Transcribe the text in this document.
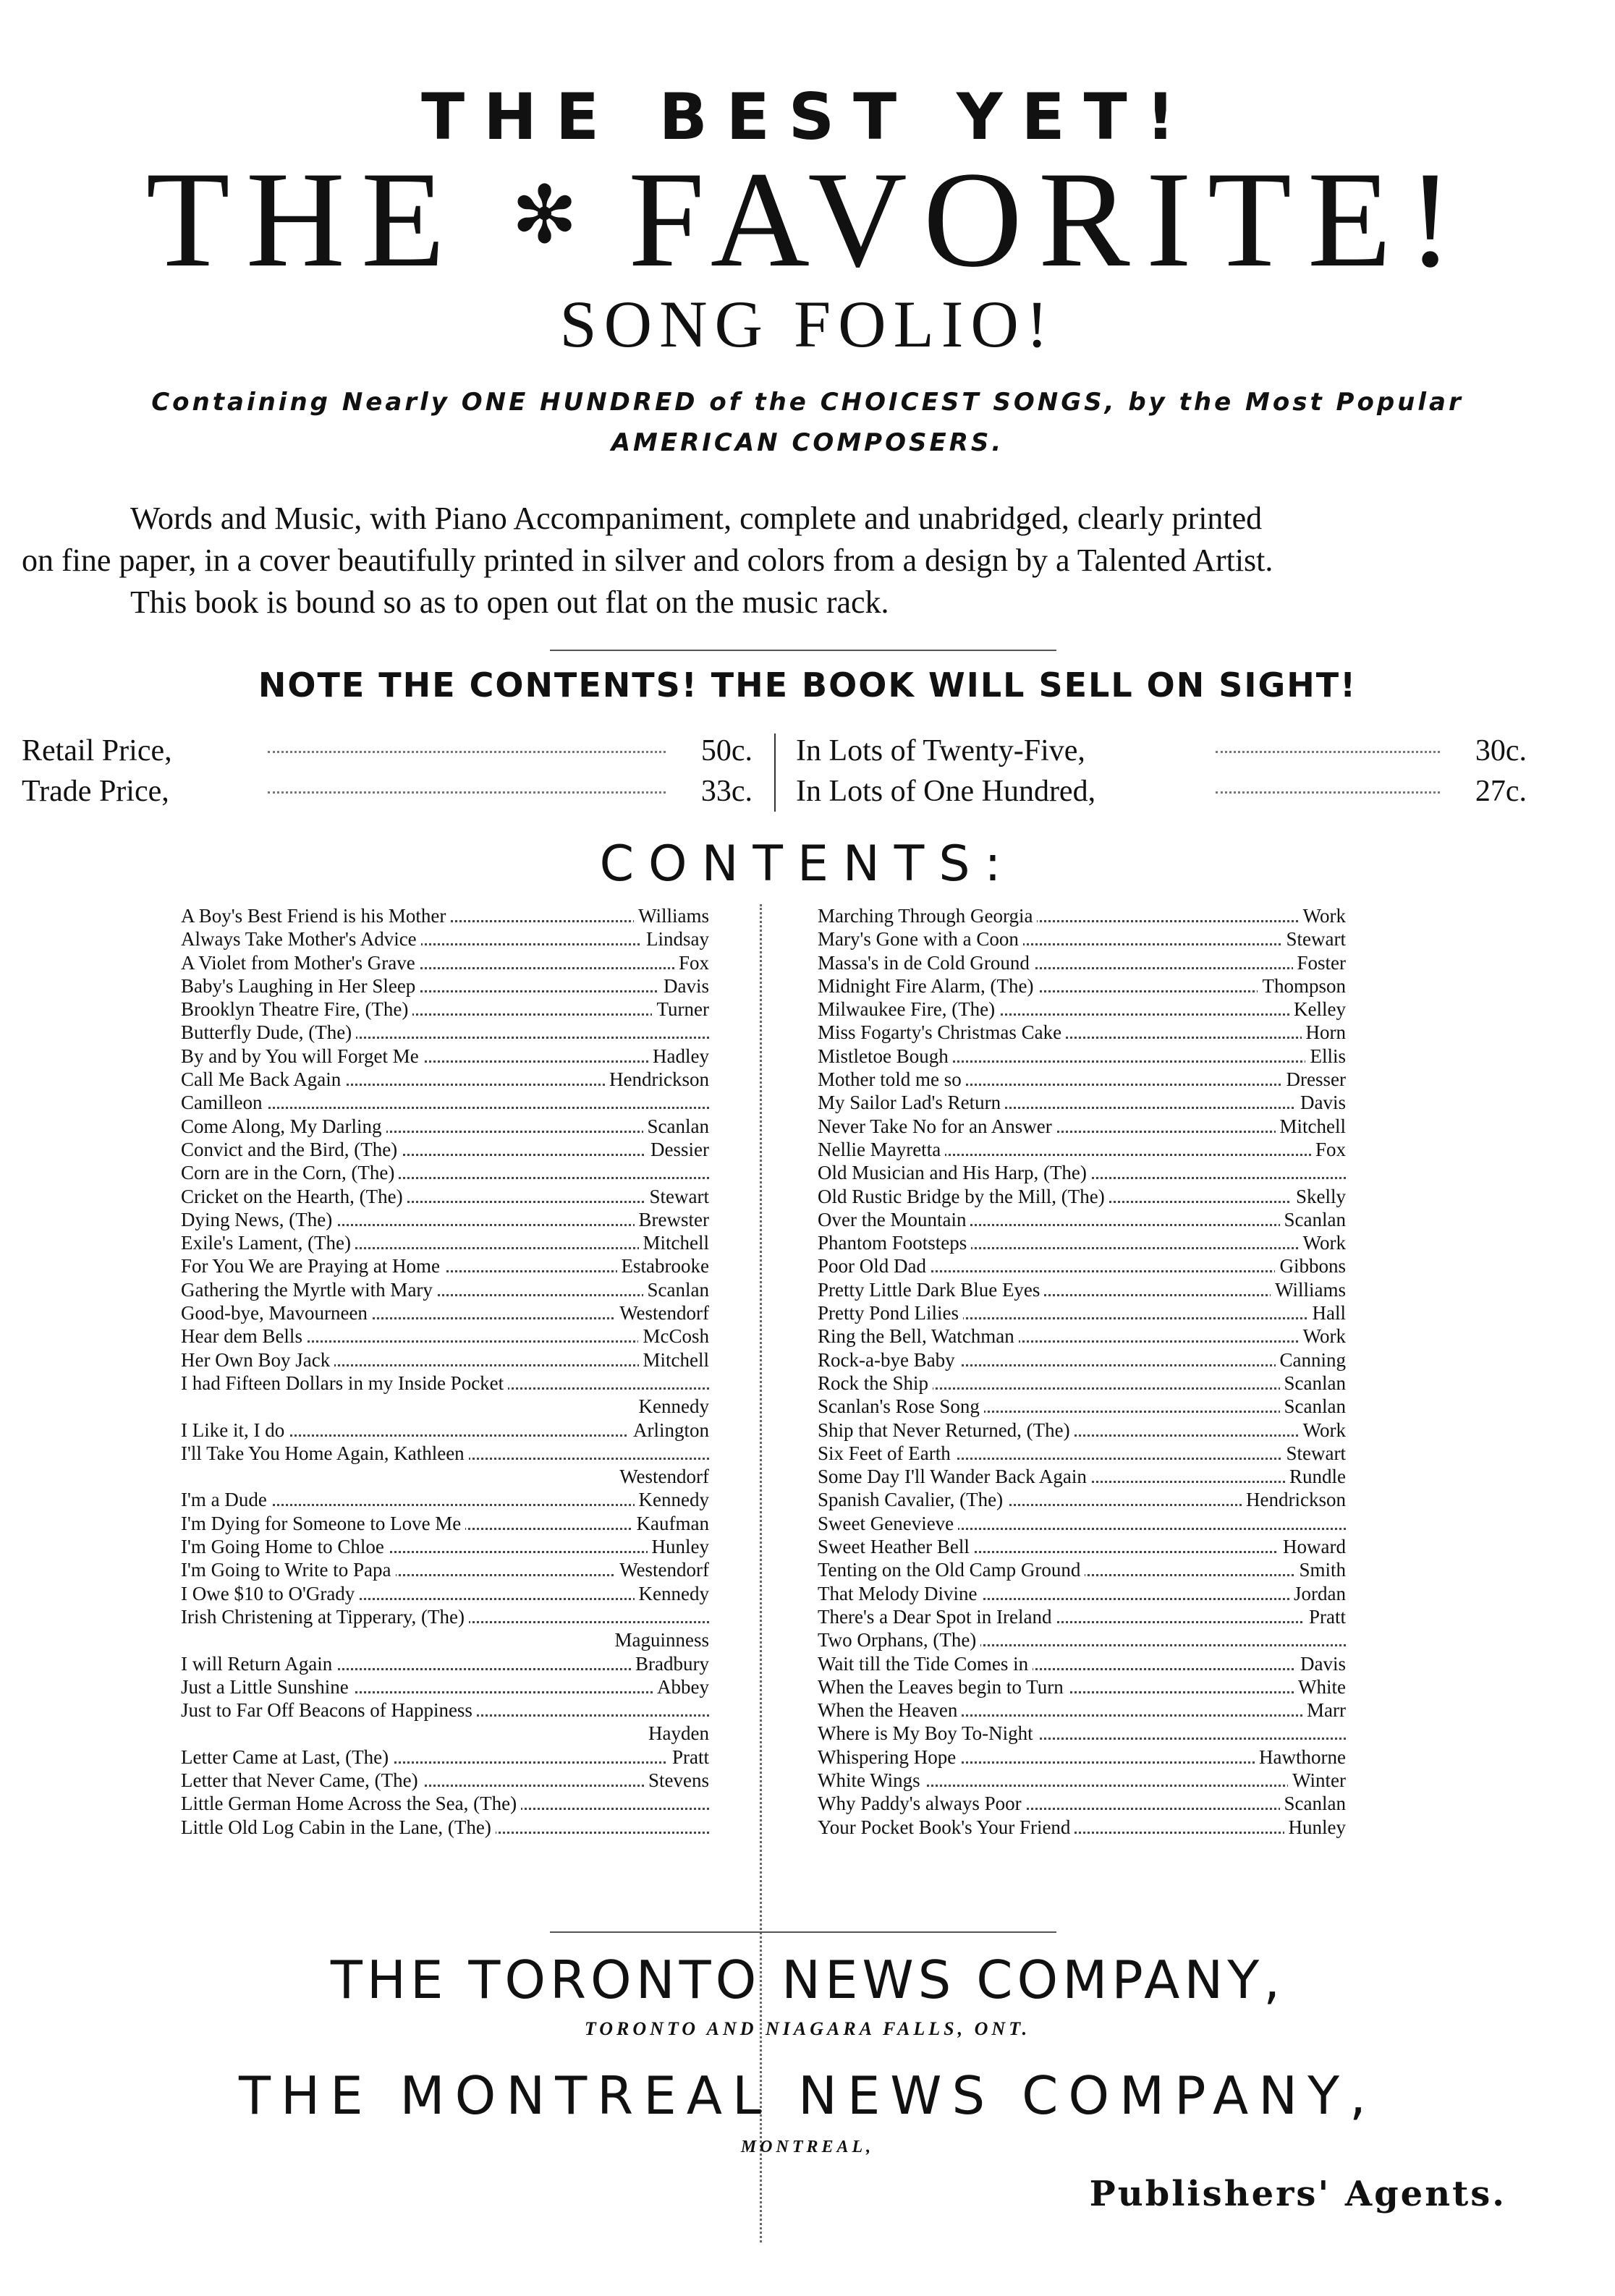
THE BEST YET!
THE ✻ FAVORITE!
SONG FOLIO!
Containing Nearly ONE HUNDRED of the CHOICEST SONGS, by the Most Popular
AMERICAN COMPOSERS.
Words and Music, with Piano Accompaniment, complete and unabridged, clearly printed
on fine paper, in a cover beautifully printed in silver and colors from a design by a Talented Artist.
This book is bound so as to open out flat on the music rack.
NOTE THE CONTENTS! THE BOOK WILL SELL ON SIGHT!
Retail Price,	50c.
Trade Price,	33c.
In Lots of Twenty-Five,	30c.
In Lots of One Hundred,	27c.
CONTENTS:
A Boy's Best Friend is his Mother	Williams
Always Take Mother's Advice	Lindsay
A Violet from Mother's Grave	Fox
Baby's Laughing in Her Sleep	Davis
Brooklyn Theatre Fire, (The)	Turner
Butterfly Dude, (The)
By and by You will Forget Me	Hadley
Call Me Back Again	Hendrickson
Camilleon
Come Along, My Darling	Scanlan
Convict and the Bird, (The)	Dessier
Corn are in the Corn, (The)
Cricket on the Hearth, (The)	Stewart
Dying News, (The)	Brewster
Exile's Lament, (The)	Mitchell
For You We are Praying at Home	Estabrooke
Gathering the Myrtle with Mary	Scanlan
Good-bye, Mavourneen	Westendorf
Hear dem Bells	McCosh
Her Own Boy Jack	Mitchell
I had Fifteen Dollars in my Inside Pocket
Kennedy
I Like it, I do	Arlington
I'll Take You Home Again, Kathleen
Westendorf
I'm a Dude	Kennedy
I'm Dying for Someone to Love Me	Kaufman
I'm Going Home to Chloe	Hunley
I'm Going to Write to Papa	Westendorf
I Owe $10 to O'Grady	Kennedy
Irish Christening at Tipperary, (The)
Maguinness
I will Return Again	Bradbury
Just a Little Sunshine	Abbey
Just to Far Off Beacons of Happiness
Hayden
Letter Came at Last, (The)	Pratt
Letter that Never Came, (The)	Stevens
Little German Home Across the Sea, (The)
Little Old Log Cabin in the Lane, (The)
Marching Through Georgia	Work
Mary's Gone with a Coon	Stewart
Massa's in de Cold Ground	Foster
Midnight Fire Alarm, (The)	Thompson
Milwaukee Fire, (The)	Kelley
Miss Fogarty's Christmas Cake	Horn
Mistletoe Bough	Ellis
Mother told me so	Dresser
My Sailor Lad's Return	Davis
Never Take No for an Answer	Mitchell
Nellie Mayretta	Fox
Old Musician and His Harp, (The)
Old Rustic Bridge by the Mill, (The)	Skelly
Over the Mountain	Scanlan
Phantom Footsteps	Work
Poor Old Dad	Gibbons
Pretty Little Dark Blue Eyes	Williams
Pretty Pond Lilies	Hall
Ring the Bell, Watchman	Work
Rock-a-bye Baby	Canning
Rock the Ship	Scanlan
Scanlan's Rose Song	Scanlan
Ship that Never Returned, (The)	Work
Six Feet of Earth	Stewart
Some Day I'll Wander Back Again	Rundle
Spanish Cavalier, (The)	Hendrickson
Sweet Genevieve
Sweet Heather Bell	Howard
Tenting on the Old Camp Ground	Smith
That Melody Divine	Jordan
There's a Dear Spot in Ireland	Pratt
Two Orphans, (The)
Wait till the Tide Comes in	Davis
When the Leaves begin to Turn	White
When the Heaven	Marr
Where is My Boy To-Night
Whispering Hope	Hawthorne
White Wings	Winter
Why Paddy's always Poor	Scanlan
Your Pocket Book's Your Friend	Hunley
THE TORONTO NEWS COMPANY,
TORONTO AND NIAGARA FALLS, ONT.
THE MONTREAL NEWS COMPANY,
MONTREAL,
Publishers' Agents.
